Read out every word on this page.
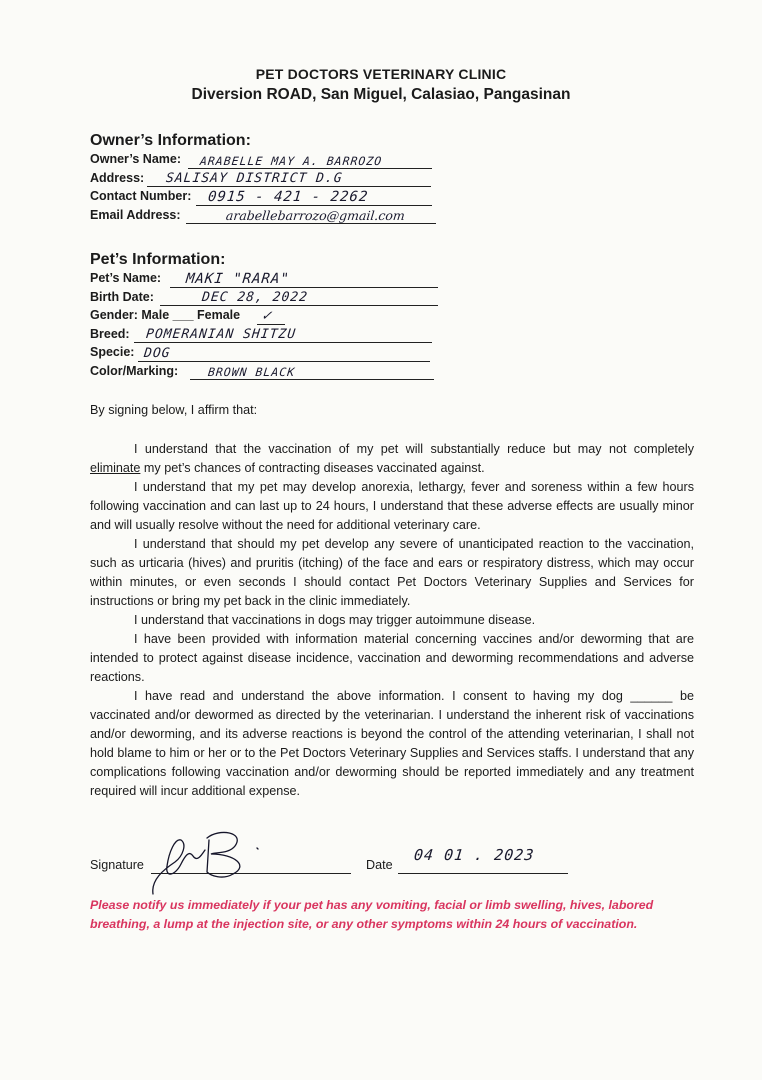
PET DOCTORS VETERINARY CLINIC
Diversion ROAD, San Miguel, Calasiao, Pangasinan
Owner’s Information:
Owner’s Name: ARABELLE MAY A. BARROZO
Address: SALISAY DISTRICT D.G
Contact Number: 0915 - 421 - 2262
Email Address:	arabellebarrozo@gmail.com
Pet’s Information:
Pet’s Name: MAKI "RARA"
Birth Date:	DEC 28, 2022
Gender: Male ___ Female ✓
Breed: POMERANIAN SHITZU
Specie: DOG
Color/Marking:	BROWN BLACK
By signing below, I affirm that:

I understand that the vaccination of my pet will substantially reduce but may not completely eliminate my pet’s chances of contracting diseases vaccinated against.

I understand that my pet may develop anorexia, lethargy, fever and soreness within a few hours following vaccination and can last up to 24 hours, I understand that these adverse effects are usually minor and will usually resolve without the need for additional veterinary care.

I understand that should my pet develop any severe of unanticipated reaction to the vaccination, such as urticaria (hives) and pruritis (itching) of the face and ears or respiratory distress, which may occur within minutes, or even seconds I should contact Pet Doctors Veterinary Supplies and Services for instructions or bring my pet back in the clinic immediately.

I understand that vaccinations in dogs may trigger autoimmune disease.

I have been provided with information material concerning vaccines and/or deworming that are intended to protect against disease incidence, vaccination and deworming recommendations and adverse reactions.

I have read and understand the above information. I consent to having my dog ______ be vaccinated and/or dewormed as directed by the veterinarian. I understand the inherent risk of vaccinations and/or deworming, and its adverse reactions is beyond the control of the attending veterinarian, I shall not hold blame to him or her or to the Pet Doctors Veterinary Supplies and Services staffs. I understand that any complications following vaccination and/or deworming should be reported immediately and any treatment required will incur additional expense.

Signature	Date
04 01 . 2023
Please notify us immediately if your pet has any vomiting, facial or limb swelling, hives, labored breathing, a lump at the injection site, or any other symptoms within 24 hours of vaccination.
